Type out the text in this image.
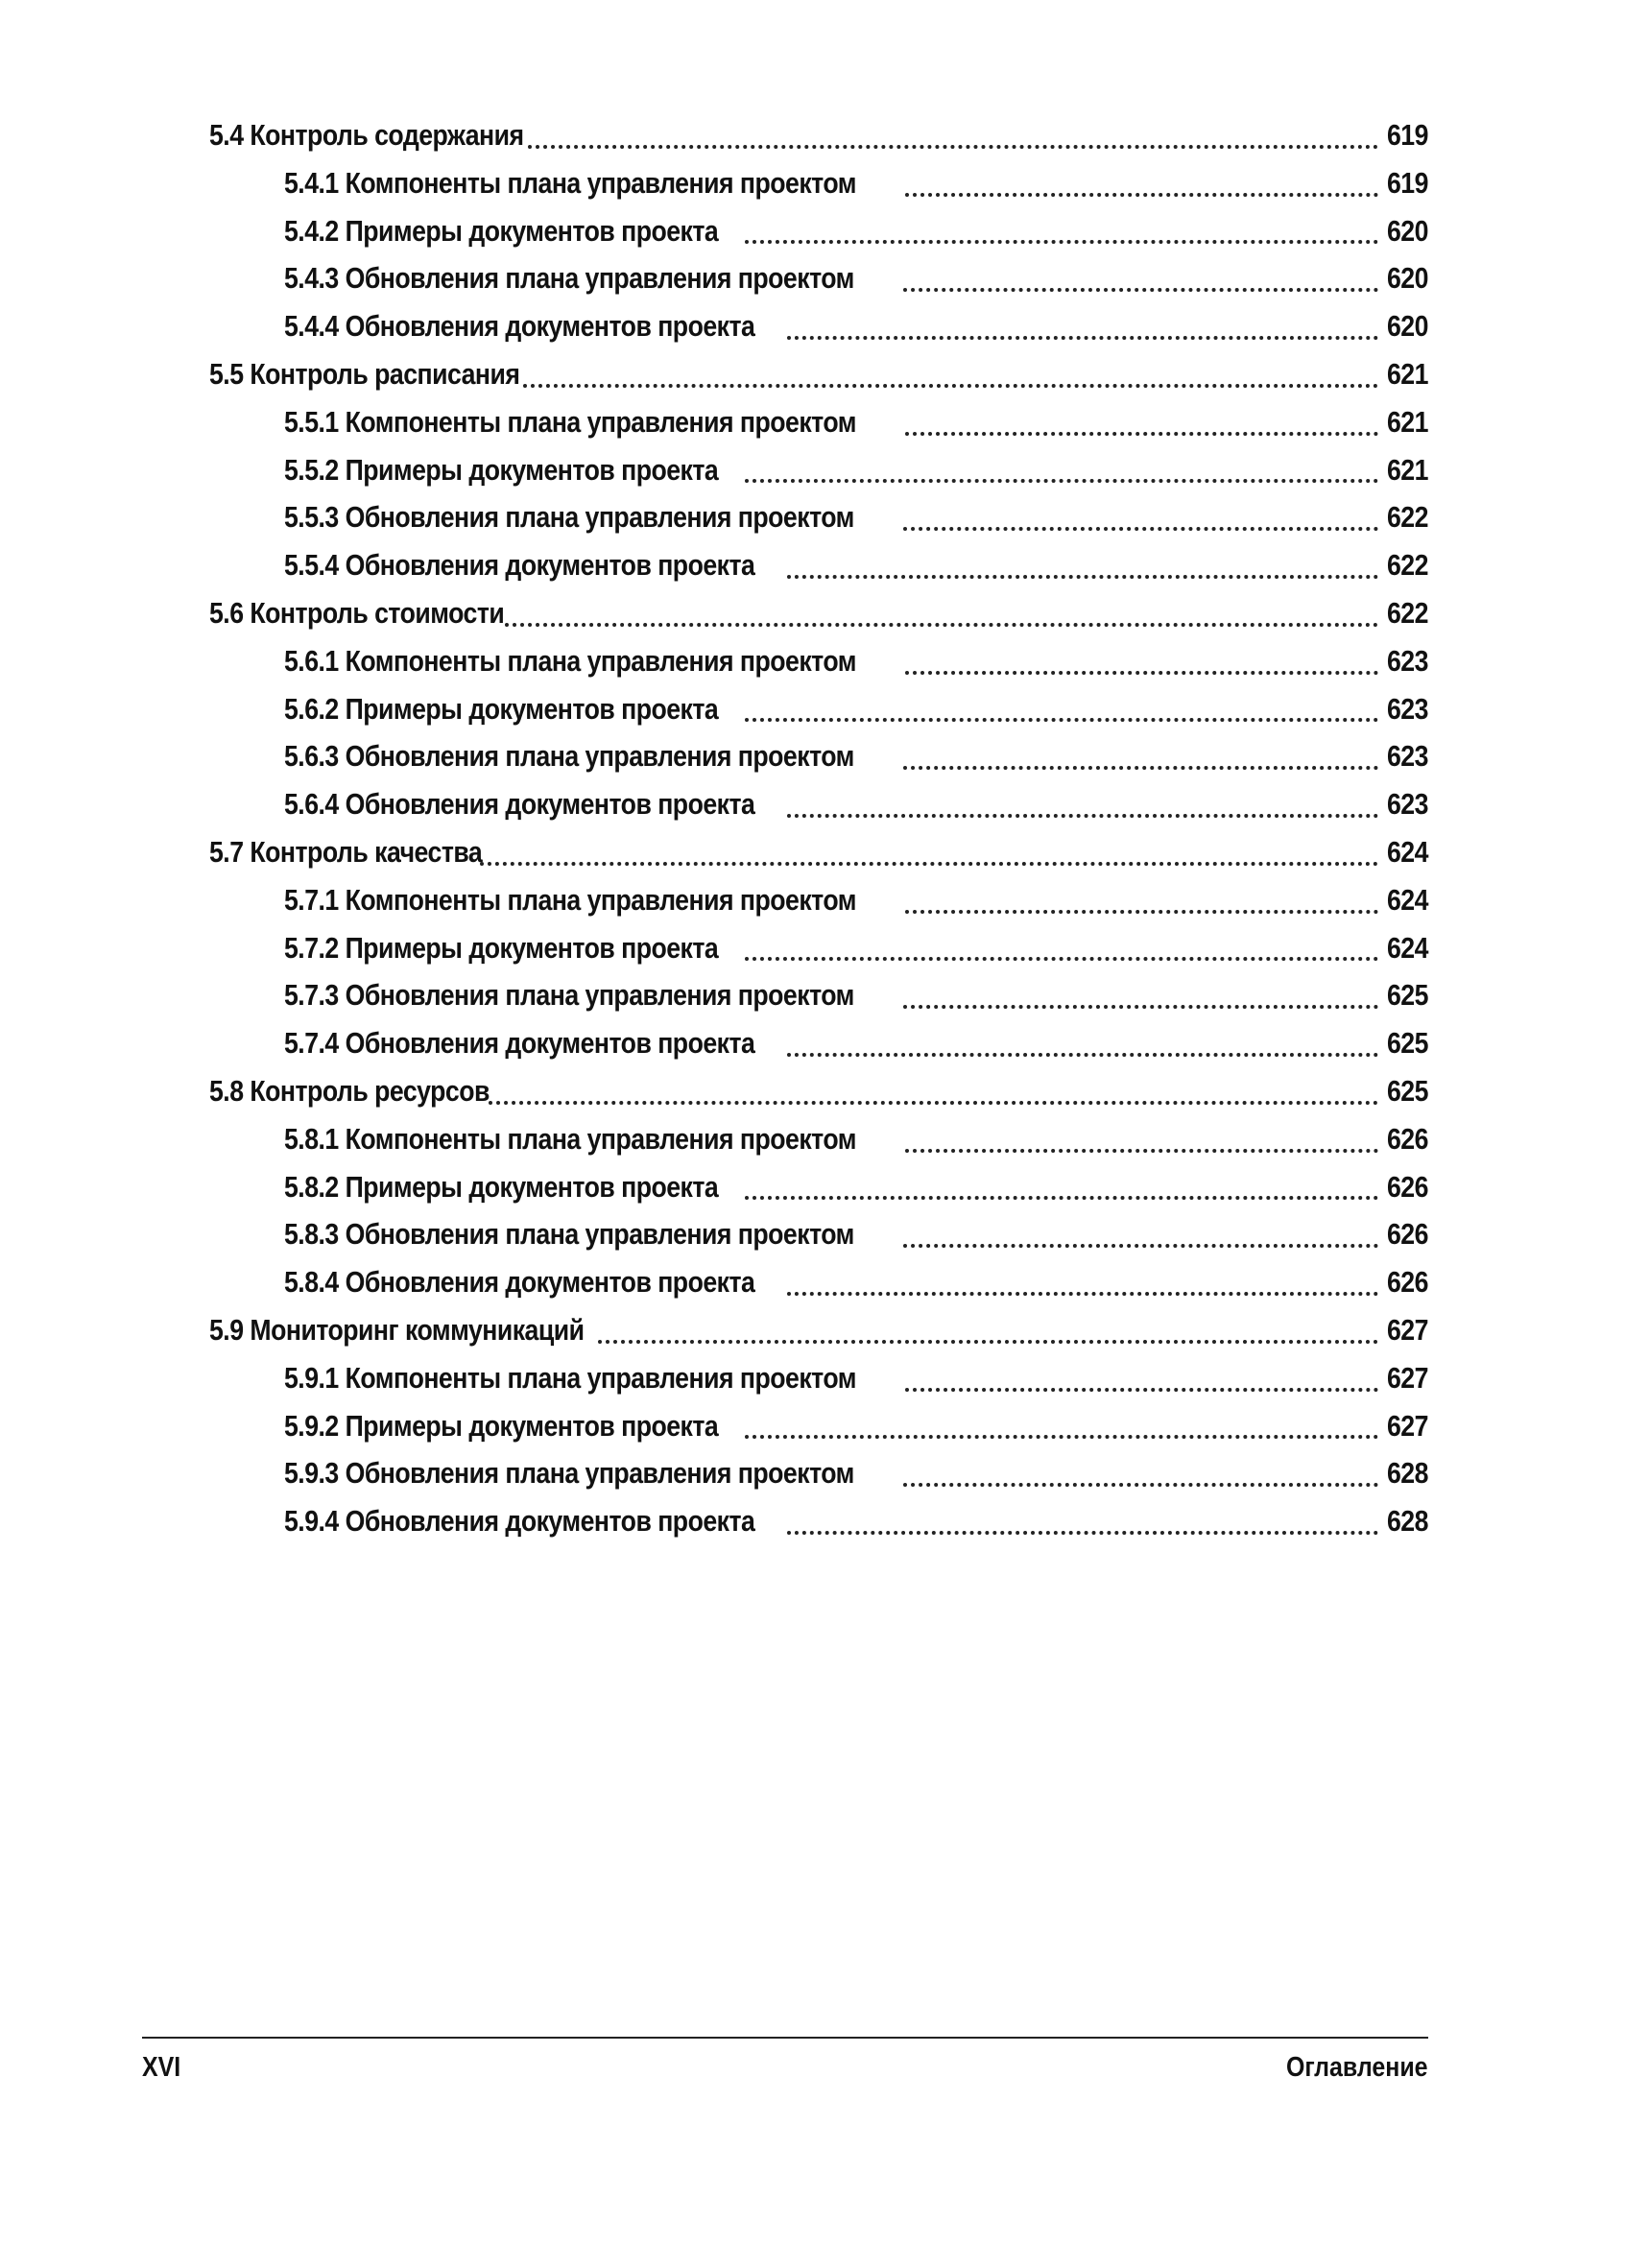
5.4 Контроль содержания	619
5.4.1 Компоненты плана управления проектом	619
5.4.2 Примеры документов проекта	620
5.4.3 Обновления плана управления проектом	620
5.4.4 Обновления документов проекта	620
5.5 Контроль расписания	621
5.5.1 Компоненты плана управления проектом	621
5.5.2 Примеры документов проекта	621
5.5.3 Обновления плана управления проектом	622
5.5.4 Обновления документов проекта	622
5.6 Контроль стоимости	622
5.6.1 Компоненты плана управления проектом	623
5.6.2 Примеры документов проекта	623
5.6.3 Обновления плана управления проектом	623
5.6.4 Обновления документов проекта	623
5.7 Контроль качества	624
5.7.1 Компоненты плана управления проектом	624
5.7.2 Примеры документов проекта	624
5.7.3 Обновления плана управления проектом	625
5.7.4 Обновления документов проекта	625
5.8 Контроль ресурсов	625
5.8.1 Компоненты плана управления проектом	626
5.8.2 Примеры документов проекта	626
5.8.3 Обновления плана управления проектом	626
5.8.4 Обновления документов проекта	626
5.9 Мониторинг коммуникаций	627
5.9.1 Компоненты плана управления проектом	627
5.9.2 Примеры документов проекта	627
5.9.3 Обновления плана управления проектом	628
5.9.4 Обновления документов проекта	628
XVI	Оглавление
